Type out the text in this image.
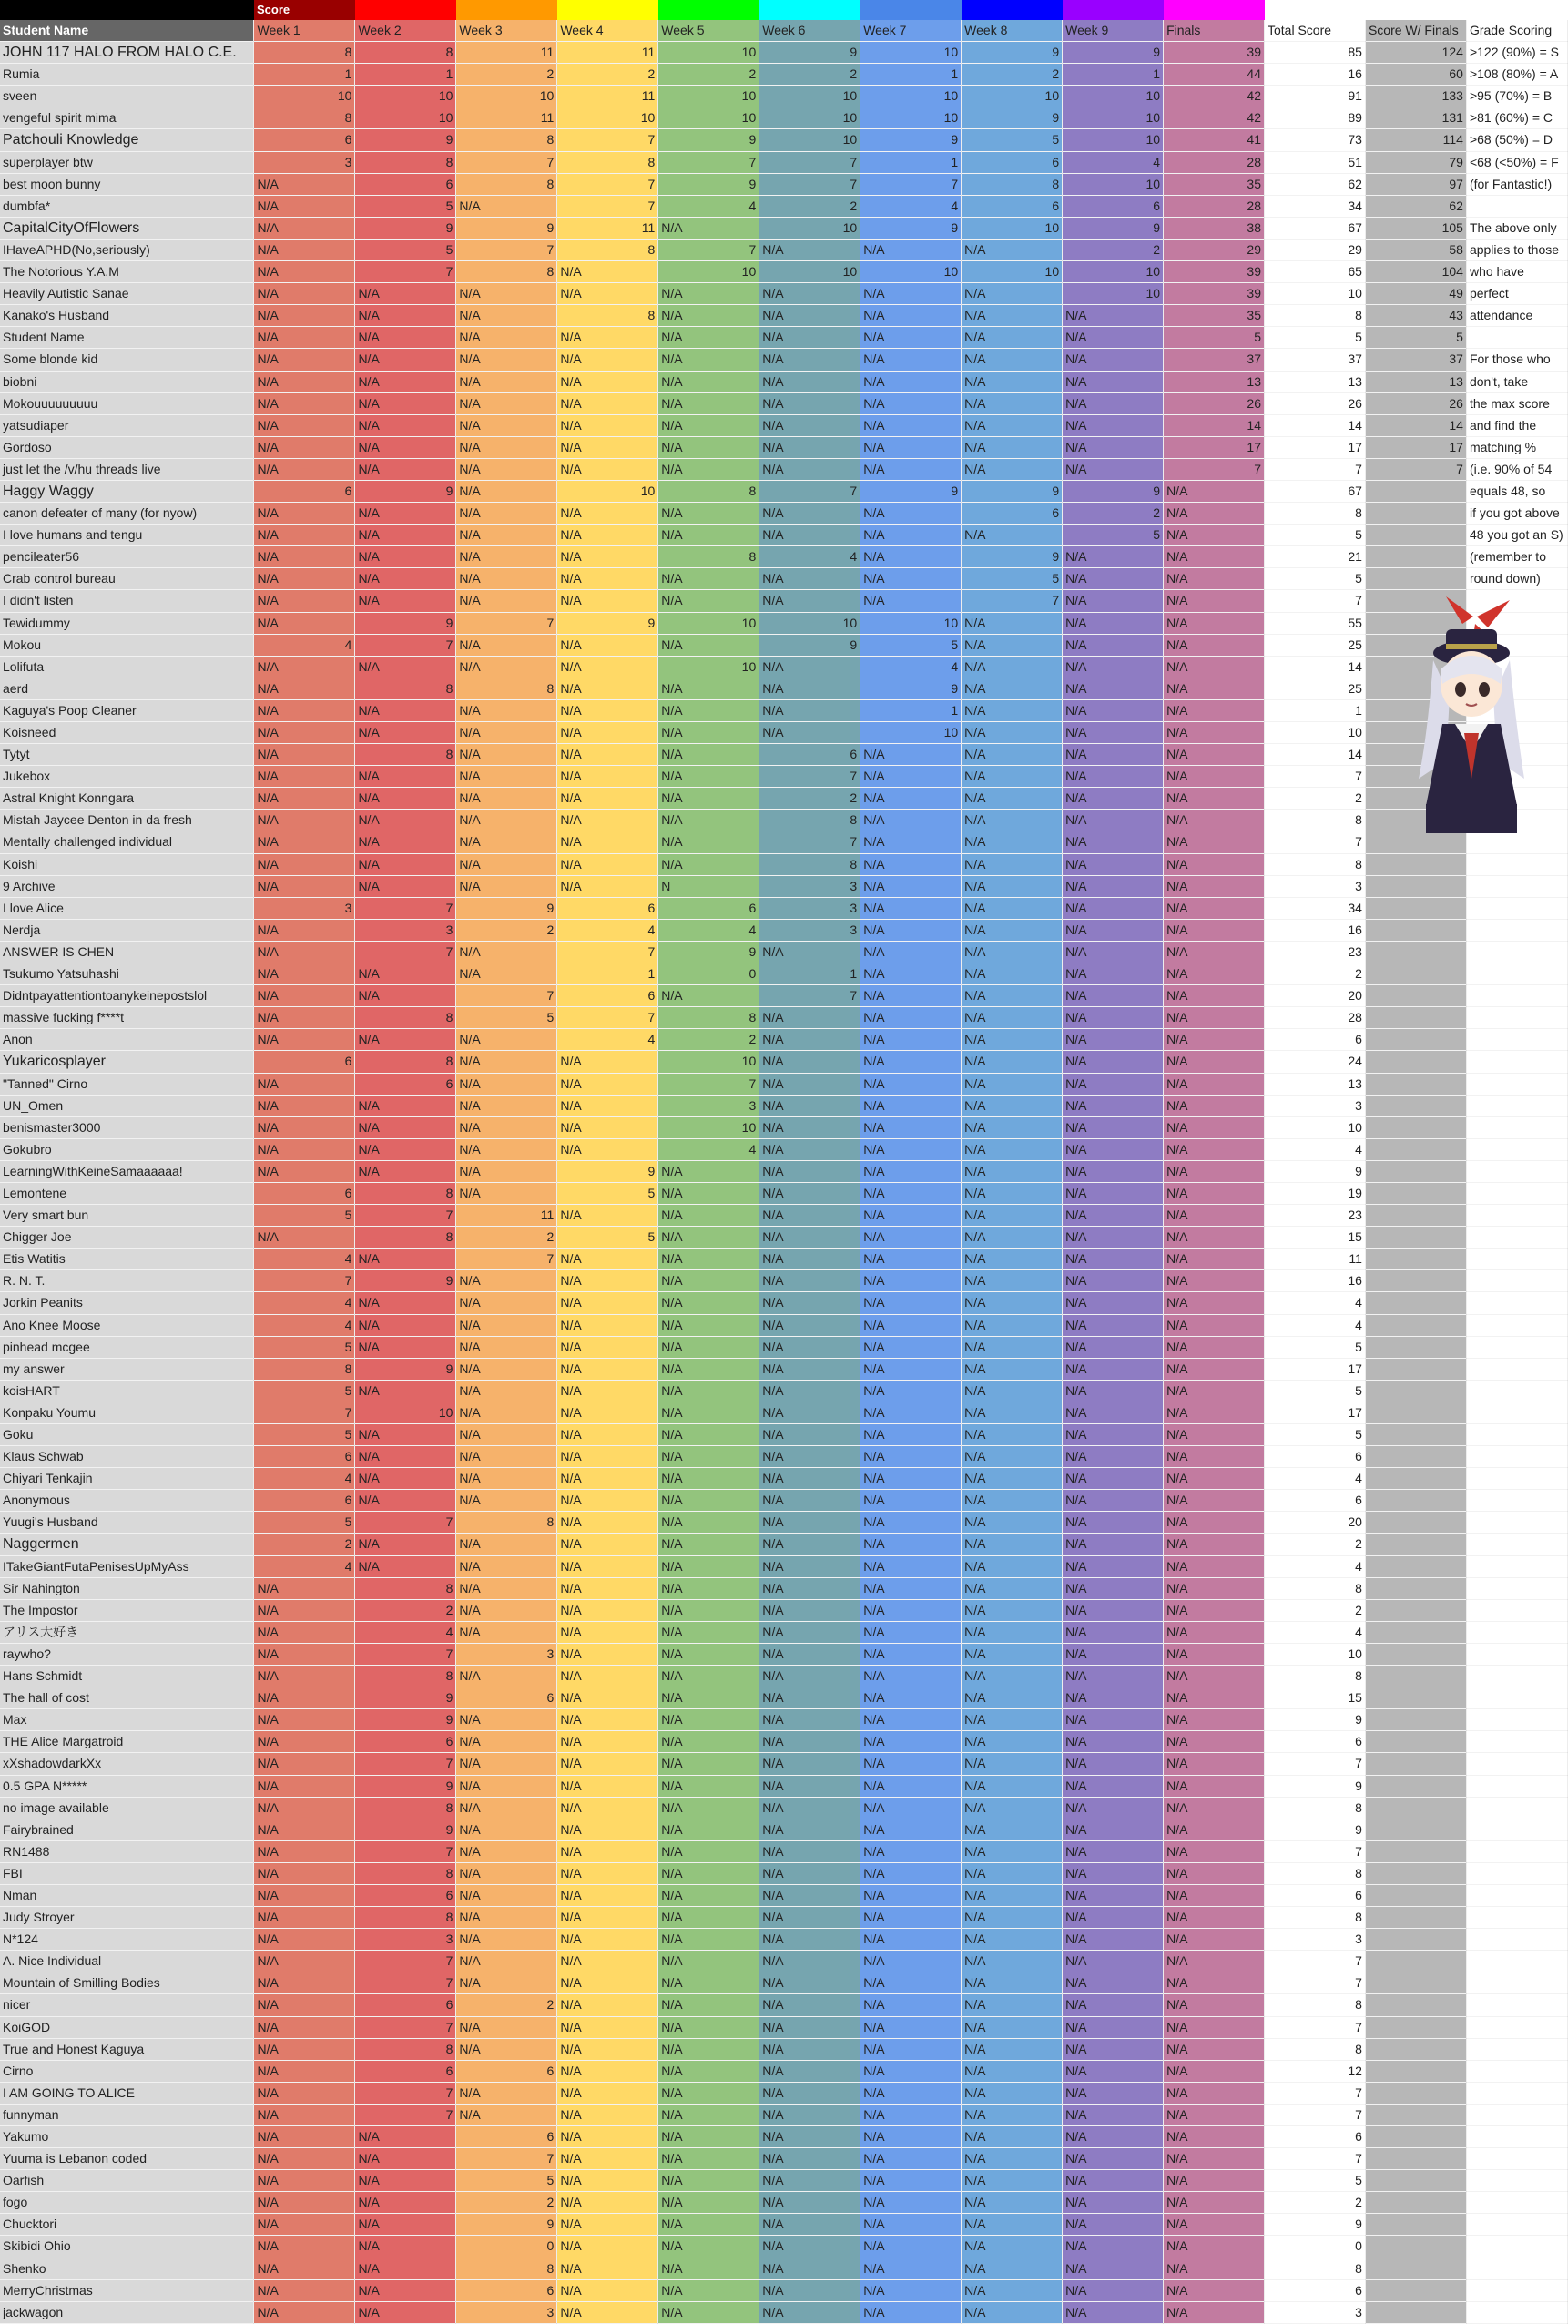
	Score												
Student Name	Week 1	Week 2	Week 3	Week 4	Week 5	Week 6	Week 7	Week 8	Week 9	Finals	Total Score	Score W/ Finals	Grade Scoring
JOHN 117 HALO FROM HALO C.E.	8	8	11	11	10	9	10	9	9	39	85	124	>122 (90%) = S
Rumia	1	1	2	2	2	2	1	2	1	44	16	60	>108 (80%) = A
sveen	10	10	10	11	10	10	10	10	10	42	91	133	>95 (70%) = B
vengeful spirit mima	8	10	11	10	10	10	10	9	10	42	89	131	>81 (60%) = C
Patchouli Knowledge	6	9	8	7	9	10	9	5	10	41	73	114	>68 (50%) = D
superplayer btw	3	8	7	8	7	7	1	6	4	28	51	79	<68 (<50%) = F
best moon bunny	N/A	6	8	7	9	7	7	8	10	35	62	97	(for Fantastic!)
dumbfa*	N/A	5	N/A	7	4	2	4	6	6	28	34	62	
CapitalCityOfFlowers	N/A	9	9	11	N/A	10	9	10	9	38	67	105	The above only
IHaveAPHD(No,seriously)	N/A	5	7	8	7	N/A	N/A	N/A	2	29	29	58	applies to those
The Notorious Y.A.M	N/A	7	8	N/A	10	10	10	10	10	39	65	104	who have
Heavily Autistic Sanae	N/A	N/A	N/A	N/A	N/A	N/A	N/A	N/A	10	39	10	49	perfect
Kanako's Husband	N/A	N/A	N/A	8	N/A	N/A	N/A	N/A	N/A	35	8	43	attendance
Student Name	N/A	N/A	N/A	N/A	N/A	N/A	N/A	N/A	N/A	5	5	5	
Some blonde kid	N/A	N/A	N/A	N/A	N/A	N/A	N/A	N/A	N/A	37	37	37	For those who
biobni	N/A	N/A	N/A	N/A	N/A	N/A	N/A	N/A	N/A	13	13	13	don't, take
Mokouuuuuuuuu	N/A	N/A	N/A	N/A	N/A	N/A	N/A	N/A	N/A	26	26	26	the max score
yatsudiaper	N/A	N/A	N/A	N/A	N/A	N/A	N/A	N/A	N/A	14	14	14	and find the
Gordoso	N/A	N/A	N/A	N/A	N/A	N/A	N/A	N/A	N/A	17	17	17	matching %
just let the /v/hu threads live	N/A	N/A	N/A	N/A	N/A	N/A	N/A	N/A	N/A	7	7	7	(i.e. 90% of 54
Haggy Waggy	6	9	N/A	10	8	7	9	9	9	N/A	67		equals 48, so
canon defeater of many (for nyow)	N/A	N/A	N/A	N/A	N/A	N/A	N/A	6	2	N/A	8		if you got above
I love humans and tengu	N/A	N/A	N/A	N/A	N/A	N/A	N/A	N/A	5	N/A	5		48 you got an S)
pencileater56	N/A	N/A	N/A	N/A	8	4	N/A	9	N/A	N/A	21		(remember to
Crab control bureau	N/A	N/A	N/A	N/A	N/A	N/A	N/A	5	N/A	N/A	5		round down)
I didn't listen	N/A	N/A	N/A	N/A	N/A	N/A	N/A	7	N/A	N/A	7		
Tewidummy	N/A	9	7	9	10	10	10	N/A	N/A	N/A	55		
Mokou	4	7	N/A	N/A	N/A	9	5	N/A	N/A	N/A	25		
Lolifuta	N/A	N/A	N/A	N/A	10	N/A	4	N/A	N/A	N/A	14		
aerd	N/A	8	8	N/A	N/A	N/A	9	N/A	N/A	N/A	25		
Kaguya's Poop Cleaner	N/A	N/A	N/A	N/A	N/A	N/A	1	N/A	N/A	N/A	1		
Koisneed	N/A	N/A	N/A	N/A	N/A	N/A	10	N/A	N/A	N/A	10		
Tytyt	N/A	8	N/A	N/A	N/A	6	N/A	N/A	N/A	N/A	14		
Jukebox	N/A	N/A	N/A	N/A	N/A	7	N/A	N/A	N/A	N/A	7		
Astral Knight Konngara	N/A	N/A	N/A	N/A	N/A	2	N/A	N/A	N/A	N/A	2		
Mistah Jaycee Denton in da fresh	N/A	N/A	N/A	N/A	N/A	8	N/A	N/A	N/A	N/A	8		
Mentally challenged individual	N/A	N/A	N/A	N/A	N/A	7	N/A	N/A	N/A	N/A	7		
Koishi	N/A	N/A	N/A	N/A	N/A	8	N/A	N/A	N/A	N/A	8		
9 Archive	N/A	N/A	N/A	N/A	N	3	N/A	N/A	N/A	N/A	3		
I love Alice	3	7	9	6	6	3	N/A	N/A	N/A	N/A	34		
Nerdja	N/A	3	2	4	4	3	N/A	N/A	N/A	N/A	16		
ANSWER IS CHEN	N/A	7	N/A	7	9	N/A	N/A	N/A	N/A	N/A	23		
Tsukumo Yatsuhashi	N/A	N/A	N/A	1	0	1	N/A	N/A	N/A	N/A	2		
Didntpayattentiontoanykeinepostslol	N/A	N/A	7	6	N/A	7	N/A	N/A	N/A	N/A	20		
massive fucking f****t	N/A	8	5	7	8	N/A	N/A	N/A	N/A	N/A	28		
Anon	N/A	N/A	N/A	4	2	N/A	N/A	N/A	N/A	N/A	6		
Yukaricosplayer	6	8	N/A	N/A	10	N/A	N/A	N/A	N/A	N/A	24		
"Tanned" Cirno	N/A	6	N/A	N/A	7	N/A	N/A	N/A	N/A	N/A	13		
UN_Omen	N/A	N/A	N/A	N/A	3	N/A	N/A	N/A	N/A	N/A	3		
benismaster3000	N/A	N/A	N/A	N/A	10	N/A	N/A	N/A	N/A	N/A	10		
Gokubro	N/A	N/A	N/A	N/A	4	N/A	N/A	N/A	N/A	N/A	4		
LearningWithKeineSamaaaaaa!	N/A	N/A	N/A	9	N/A	N/A	N/A	N/A	N/A	N/A	9		
Lemontene	6	8	N/A	5	N/A	N/A	N/A	N/A	N/A	N/A	19		
Very smart bun	5	7	11	N/A	N/A	N/A	N/A	N/A	N/A	N/A	23		
Chigger Joe	N/A	8	2	5	N/A	N/A	N/A	N/A	N/A	N/A	15		
Etis Watitis	4	N/A	7	N/A	N/A	N/A	N/A	N/A	N/A	N/A	11		
R. N. T.	7	9	N/A	N/A	N/A	N/A	N/A	N/A	N/A	N/A	16		
Jorkin Peanits	4	N/A	N/A	N/A	N/A	N/A	N/A	N/A	N/A	N/A	4		
Ano Knee Moose	4	N/A	N/A	N/A	N/A	N/A	N/A	N/A	N/A	N/A	4		
pinhead mcgee	5	N/A	N/A	N/A	N/A	N/A	N/A	N/A	N/A	N/A	5		
my answer	8	9	N/A	N/A	N/A	N/A	N/A	N/A	N/A	N/A	17		
koisHART	5	N/A	N/A	N/A	N/A	N/A	N/A	N/A	N/A	N/A	5		
Konpaku Youmu	7	10	N/A	N/A	N/A	N/A	N/A	N/A	N/A	N/A	17		
Goku	5	N/A	N/A	N/A	N/A	N/A	N/A	N/A	N/A	N/A	5		
Klaus Schwab	6	N/A	N/A	N/A	N/A	N/A	N/A	N/A	N/A	N/A	6		
Chiyari Tenkajin	4	N/A	N/A	N/A	N/A	N/A	N/A	N/A	N/A	N/A	4		
Anonymous	6	N/A	N/A	N/A	N/A	N/A	N/A	N/A	N/A	N/A	6		
Yuugi's Husband	5	7	8	N/A	N/A	N/A	N/A	N/A	N/A	N/A	20		
Naggermen	2	N/A	N/A	N/A	N/A	N/A	N/A	N/A	N/A	N/A	2		
ITakeGiantFutaPenisesUpMyAss	4	N/A	N/A	N/A	N/A	N/A	N/A	N/A	N/A	N/A	4		
Sir Nahington	N/A	8	N/A	N/A	N/A	N/A	N/A	N/A	N/A	N/A	8		
The Impostor	N/A	2	N/A	N/A	N/A	N/A	N/A	N/A	N/A	N/A	2		
アリス大好き	N/A	4	N/A	N/A	N/A	N/A	N/A	N/A	N/A	N/A	4		
raywho?	N/A	7	3	N/A	N/A	N/A	N/A	N/A	N/A	N/A	10		
Hans Schmidt	N/A	8	N/A	N/A	N/A	N/A	N/A	N/A	N/A	N/A	8		
The hall of cost	N/A	9	6	N/A	N/A	N/A	N/A	N/A	N/A	N/A	15		
Max	N/A	9	N/A	N/A	N/A	N/A	N/A	N/A	N/A	N/A	9		
THE Alice Margatroid	N/A	6	N/A	N/A	N/A	N/A	N/A	N/A	N/A	N/A	6		
xXshadowdarkXx	N/A	7	N/A	N/A	N/A	N/A	N/A	N/A	N/A	N/A	7		
0.5 GPA N*****	N/A	9	N/A	N/A	N/A	N/A	N/A	N/A	N/A	N/A	9		
no image available	N/A	8	N/A	N/A	N/A	N/A	N/A	N/A	N/A	N/A	8		
Fairybrained	N/A	9	N/A	N/A	N/A	N/A	N/A	N/A	N/A	N/A	9		
RN1488	N/A	7	N/A	N/A	N/A	N/A	N/A	N/A	N/A	N/A	7		
FBI	N/A	8	N/A	N/A	N/A	N/A	N/A	N/A	N/A	N/A	8		
Nman	N/A	6	N/A	N/A	N/A	N/A	N/A	N/A	N/A	N/A	6		
Judy Stroyer	N/A	8	N/A	N/A	N/A	N/A	N/A	N/A	N/A	N/A	8		
N*124	N/A	3	N/A	N/A	N/A	N/A	N/A	N/A	N/A	N/A	3		
A. Nice Individual	N/A	7	N/A	N/A	N/A	N/A	N/A	N/A	N/A	N/A	7		
Mountain of Smilling Bodies	N/A	7	N/A	N/A	N/A	N/A	N/A	N/A	N/A	N/A	7		
nicer	N/A	6	2	N/A	N/A	N/A	N/A	N/A	N/A	N/A	8		
KoiGOD	N/A	7	N/A	N/A	N/A	N/A	N/A	N/A	N/A	N/A	7		
True and Honest Kaguya	N/A	8	N/A	N/A	N/A	N/A	N/A	N/A	N/A	N/A	8		
Cirno	N/A	6	6	N/A	N/A	N/A	N/A	N/A	N/A	N/A	12		
I AM GOING TO ALICE	N/A	7	N/A	N/A	N/A	N/A	N/A	N/A	N/A	N/A	7		
funnyman	N/A	7	N/A	N/A	N/A	N/A	N/A	N/A	N/A	N/A	7		
Yakumo	N/A	N/A	6	N/A	N/A	N/A	N/A	N/A	N/A	N/A	6		
Yuuma is Lebanon coded	N/A	N/A	7	N/A	N/A	N/A	N/A	N/A	N/A	N/A	7		
Oarfish	N/A	N/A	5	N/A	N/A	N/A	N/A	N/A	N/A	N/A	5		
fogo	N/A	N/A	2	N/A	N/A	N/A	N/A	N/A	N/A	N/A	2		
Chucktori	N/A	N/A	9	N/A	N/A	N/A	N/A	N/A	N/A	N/A	9		
Skibidi Ohio	N/A	N/A	0	N/A	N/A	N/A	N/A	N/A	N/A	N/A	0		
Shenko	N/A	N/A	8	N/A	N/A	N/A	N/A	N/A	N/A	N/A	8		
MerryChristmas	N/A	N/A	6	N/A	N/A	N/A	N/A	N/A	N/A	N/A	6		
jackwagon	N/A	N/A	3	N/A	N/A	N/A	N/A	N/A	N/A	N/A	3		
